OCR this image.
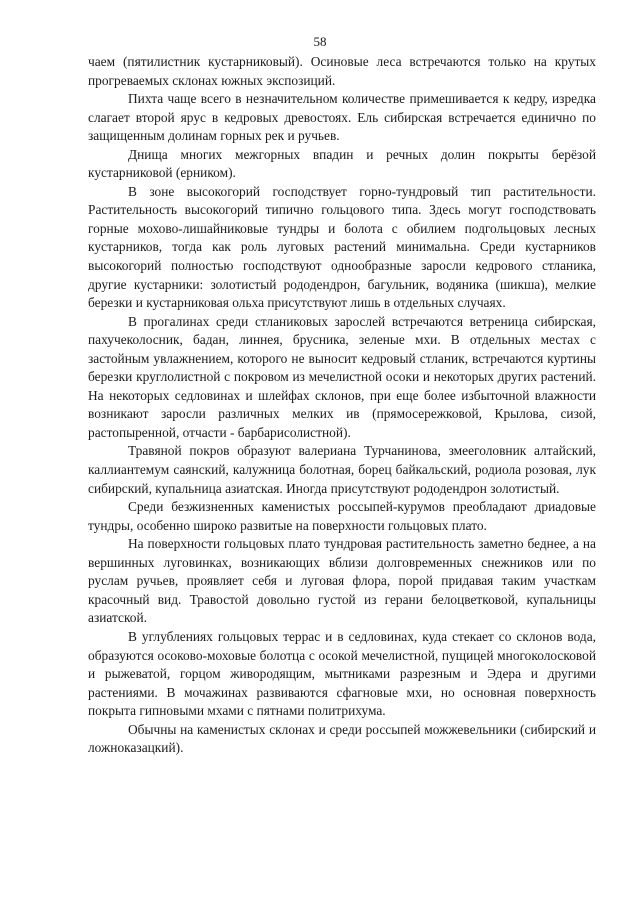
58

чаем (пятилистник кустарниковый). Осиновые леса встречаются только на крутых прогреваемых склонах южных экспозиций.

Пихта чаще всего в незначительном количестве примешивается к кедру, изредка слагает второй ярус в кедровых древостоях. Ель сибирская встречается единично по защищенным долинам горных рек и ручьев.

Днища многих межгорных впадин и речных долин покрыты берёзой кустарниковой (ерником).

В зоне высокогорий господствует горно-тундровый тип растительности. Растительность высокогорий типично гольцового типа. Здесь могут господствовать горные мохово-лишайниковые тундры и болота с обилием подгольцовых лесных кустарников, тогда как роль луговых растений минимальна. Среди кустарников высокогорий полностью господствуют однообразные заросли кедрового стланика, другие кустарники: золотистый рододендрон, багульник, водяника (шикша), мелкие березки и кустарниковая ольха присутствуют лишь в отдельных случаях.

В прогалинах среди стланиковых зарослей встречаются ветреница сибирская, пахучеколосник, бадан, линнея, брусника, зеленые мхи. В отдельных местах с застойным увлажнением, которого не выносит кедровый стланик, встречаются куртины березки круглолистной с покровом из мечелистной осоки и некоторых других растений. На некоторых седловинах и шлейфах склонов, при еще более избыточной влажности возникают заросли различных мелких ив (прямосережковой, Крылова, сизой, растопыренной, отчасти - барбарисолистной).

Травяной покров образуют валериана Турчанинова, змееголовник алтайский, каллиантемум саянский, калужница болотная, борец байкальский, родиола розовая, лук сибирский, купальница азиатская. Иногда присутствуют рододендрон золотистый.

Среди безжизненных каменистых россыпей-курумов преобладают дриадовые тундры, особенно широко развитые на поверхности гольцовых плато.

На поверхности гольцовых плато тундровая растительность заметно беднее, а на вершинных луговинках, возникающих вблизи долговременных снежников или по руслам ручьев, проявляет себя и луговая флора, порой придавая таким участкам красочный вид. Травостой довольно густой из герани белоцветковой, купальницы азиатской.

В углублениях гольцовых террас и в седловинах, куда стекает со склонов вода, образуются осоково-моховые болотца с осокой мечелистной, пущицей многоколосковой и рыжеватой, горцом живородящим, мытниками разрезным и Эдера и другими растениями. В мочажинах развиваются сфагновые мхи, но основная поверхность покрыта гипновыми мхами с пятнами политрихума.

Обычны на каменистых склонах и среди россыпей можжевельники (сибирский и ложноказацкий).
